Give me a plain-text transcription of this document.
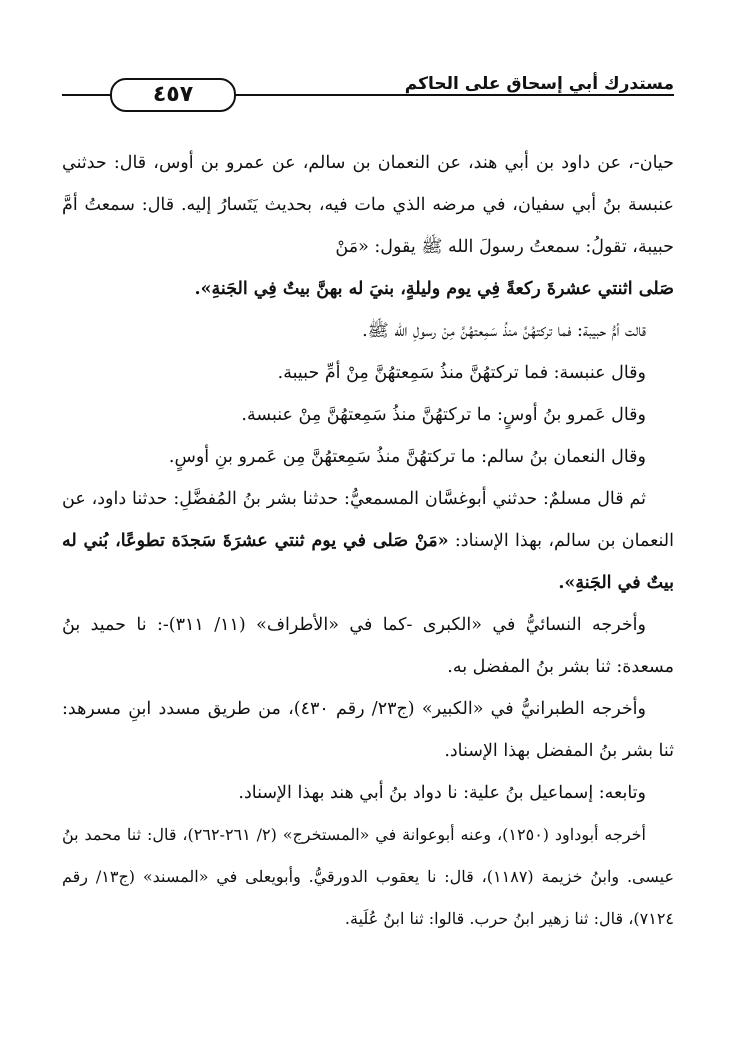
مستدرك أبي إسحاق على الحاكم
٤٥٧

حيان-، عن داود بن أبي هند، عن النعمان بن سالم، عن عمرو بن أوس، قال: حدثني عنبسة بنُ أبي سفيان، في مرضه الذي مات فيه، بحديث يَتَسارُ إليه. قال: سمعتُ أمَّ حبيبة، تقولُ: سمعتُ رسولَ الله ﷺ يقول: «مَنْ

صَلى اثنتي عشرةَ ركعةً فِي يوم وليلةٍ، بنيَ له بهنَّ بيتٌ فِي الجَنةِ».

قالت أمُّ حبيبة: فما تركتهُنَّ منذُ سَمِعتهُنَّ مِنْ رسولِ الله ﷺ.

وقال عنبسة: فما تركتهُنَّ منذُ سَمِعتهُنَّ مِنْ أمِّ حبيبة.

وقال عَمرو بنُ أوسٍ: ما تركتهُنَّ منذُ سَمِعتهُنَّ مِنْ عنبسة.

وقال النعمان بنُ سالم: ما تركتهُنَّ منذُ سَمِعتهُنَّ مِن عَمرو بنِ أوسٍ.

ثم قال مسلمٌ: حدثني أبوغسَّان المسمعيُّ: حدثنا بشر بنُ المُفضَّلِ: حدثنا داود، عن النعمان بن سالم، بهذا الإسناد: «مَنْ صَلى في يوم ثنتي عشرَةَ سَجدَة تطوعًا، بُني له بيتٌ في الجَنةِ».

وأخرجه النسائيُّ في «الكبرى -كما في «الأطراف» (١١/ ٣١١)-: نا حميد بنُ مسعدة: ثنا بشر بنُ المفضل به.

وأخرجه الطبرانيُّ في «الكبير» (ج٢٣/ رقم ٤٣٠)، من طريق مسدد ابنِ مسرهد: ثنا بشر بنُ المفضل بهذا الإسناد.

وتابعه: إسماعيل بنُ علية: نا دواد بنُ أبي هند بهذا الإسناد.

أخرجه أبوداود (١٢٥٠)، وعنه أبوعوانة في «المستخرج» (٢/ ٢٦١-٢٦٢)، قال: ثنا محمد بنُ عيسى. وابنُ خزيمة (١١٨٧)، قال: نا يعقوب الدورقيُّ. وأبويعلى في «المسند» (ج١٣/ رقم ٧١٢٤)، قال: ثنا زهير ابنُ حرب. قالوا: ثنا ابنُ عُلَية.
